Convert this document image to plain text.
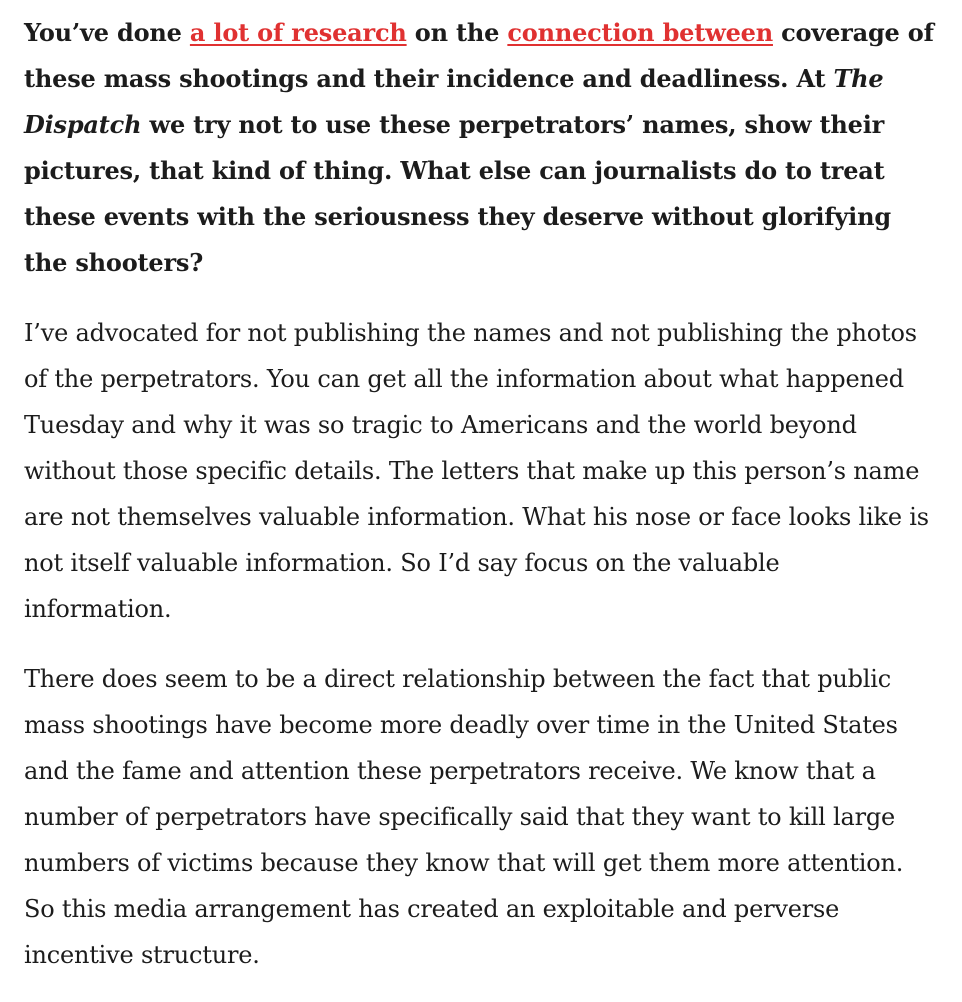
You’ve done a lot of research on the connection between coverage of these mass shootings and their incidence and deadliness. At The Dispatch we try not to use these perpetrators’ names, show their pictures, that kind of thing. What else can journalists do to treat these events with the seriousness they deserve without glorifying the shooters?

I’ve advocated for not publishing the names and not publishing the photos of the perpetrators. You can get all the information about what happened Tuesday and why it was so tragic to Americans and the world beyond without those specific details. The letters that make up this person’s name are not themselves valuable information. What his nose or face looks like is not itself valuable information. So I’d say focus on the valuable information.

There does seem to be a direct relationship between the fact that public mass shootings have become more deadly over time in the United States and the fame and attention these perpetrators receive. We know that a number of perpetrators have specifically said that they want to kill large numbers of victims because they know that will get them more attention. So this media arrangement has created an exploitable and perverse incentive structure.
